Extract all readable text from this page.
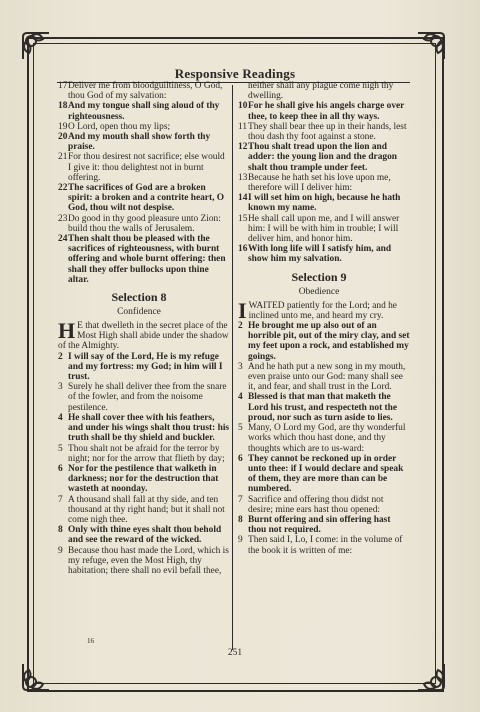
Responsive Readings

17 Deliver me from bloodguiltiness, O God, thou God of my salvation:

18 And my tongue shall sing aloud of thy righteousness.

19 O Lord, open thou my lips;

20 And my mouth shall show forth thy praise.

21 For thou desirest not sacrifice; else would I give it: thou delightest not in burnt offering.

22 The sacrifices of God are a broken spirit: a broken and a contrite heart, O God, thou wilt not despise.

23 Do good in thy good pleasure unto Zion: build thou the walls of Jerusalem.

24 Then shalt thou be pleased with the sacrifices of righteousness, with burnt offering and whole burnt offering: then shall they offer bullocks upon thine altar.

Selection 8
Confidence

H E that dwelleth in the secret place of the Most High shall abide under the shadow of the Almighty.

2 I will say of the Lord, He is my refuge and my fortress: my God; in him will I trust.

3 Surely he shall deliver thee from the snare of the fowler, and from the noisome pestilence.

4 He shall cover thee with his feathers, and under his wings shalt thou trust: his truth shall be thy shield and buckler.

5 Thou shalt not be afraid for the terror by night; nor for the arrow that flieth by day;

6 Nor for the pestilence that walketh in darkness; nor for the destruction that wasteth at noonday.

7 A thousand shall fall at thy side, and ten thousand at thy right hand; but it shall not come nigh thee.

8 Only with thine eyes shalt thou behold and see the reward of the wicked.

9 Because thou hast made the Lord, which is my refuge, even the Most High, thy habitation; there shall no evil befall thee,

neither shall any plague come nigh thy dwelling.

10 For he shall give his angels charge over thee, to keep thee in all thy ways.

11 They shall bear thee up in their hands, lest thou dash thy foot against a stone.

12 Thou shalt tread upon the lion and adder: the young lion and the dragon shalt thou trample under feet.

13 Because he hath set his love upon me, therefore will I deliver him:

14 I will set him on high, because he hath known my name.

15 He shall call upon me, and I will answer him: I will be with him in trouble; I will deliver him, and honor him.

16 With long life will I satisfy him, and show him my salvation.

Selection 9
Obedience

IWAITED patiently for the Lord; and he inclined unto me, and heard my cry.

2 He brought me up also out of an horrible pit, out of the miry clay, and set my feet upon a rock, and established my goings.

3 And he hath put a new song in my mouth, even praise unto our God: many shall see it, and fear, and shall trust in the Lord.

4 Blessed is that man that maketh the Lord his trust, and respecteth not the proud, nor such as turn aside to lies.

5 Many, O Lord my God, are thy wonderful works which thou hast done, and thy thoughts which are to us-ward:

6 They cannot be reckoned up in order unto thee: if I would declare and speak of them, they are more than can be numbered.

7 Sacrifice and offering thou didst not desire; mine ears hast thou opened:

8 Burnt offering and sin offering hast thou not required.

9 Then said I, Lo, I come: in the volume of the book it is written of me:

16
251
